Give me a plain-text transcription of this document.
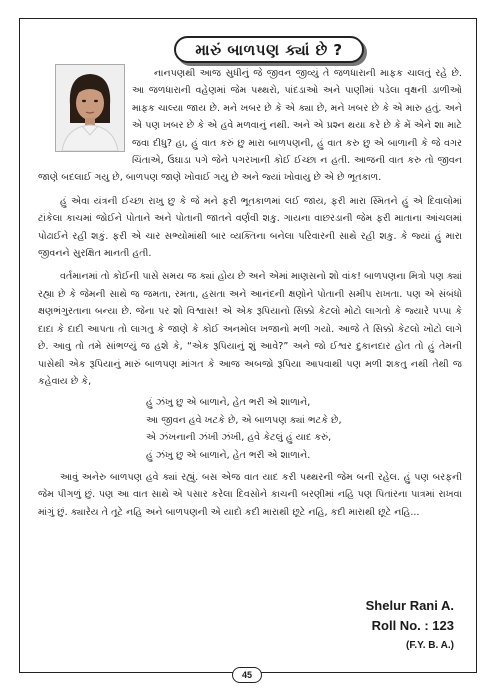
મારું બાળપણ ક્યાં છે ?

નાનપણથી આજ સુધીનું જે જીવન જીવ્યું તે જળધારાની માફક ચાલતું રહે છે. આ જળધારાની વહેણમાં જેમ પથ્થરો, પાંદડાઓ અને પાણીમાં પડેલા વૃક્ષની ડાળીઓ માફક ચાલ્યા જાય છે. મને ખબર છે કે એ ક્યા છે, મને ખબર છે કે એ મારુ હતું. અને એ પણ ખબર છે કે એ હવે મળવાનું નથી. અને એ પ્રશ્ન થયા કરે છે કે મેં એને શા માટે જવા દીધુ? હા, હું વાત કરું છુ મારા બાળપણની, હું વાત કરુ છુ એ બાળાની કે જે વગર ચિંતાએ, ઉઘાડા પગે જેને પગરખાની કોઈ ઈચ્છા ન હતી. આજની વાત કરુ તો જીવન જાણે બદલાઈ ગયુ છે, બાળપણ જાણે ખોવાઈ ગયુ છે અને જ્યાં ખોવાયુ છે એ છે ભૂતકાળ.

હું એવા યંત્રની ઈચ્છા રાખુ છુ કે જે મને ફરી ભૂતકાળમાં લઈ જાય, ફરી મારા સ્મિતને હું એ દિવાલોમાં ટાંકેલા કાચમાં જોઈને પોતાને અને પોતાની જાતને વર્ણવી શકુ. ગાયના વાછરડાની જેમ ફરી માતાના આંચલમાં પોઢાઈને રહી શકું. ફરી એ ચાર સભ્યોમાંથી બાર વ્યક્તિના બનેલા પરિવારની સાથે રહી શકુ. કે જ્યાં હું મારા જીવનને સુરક્ષિત માનતી હતી.

વર્તમાનમાં તો કોઈની પાસે સમય જ ક્યાં હોય છે અને એમાં માણસનો શો વાંક! બાળપણના મિત્રો પણ ક્યાં રહ્યા છે કે જેમની સાથે જ જમતા, રમતા, હસતા અને આનંદની ક્ષણોને પોતાની સમીપ રાખતા. પણ એ સંબંધો ક્ષણભંગુરતાના બન્યા છે. જેના પર શો વિશ્વાસ! એ એક રૂપિયાનો સિક્કો કેટલો મોટો લાગતો કે જ્યારે પપ્પા કે દાદા કે દાદી આપતા તો લાગતુ કે જાણે કે કોઈ અનમોલ ખજાનો મળી ગયો. આજે તે સિક્કો કેટલો ખોટો લાગે છે. આવુ તો તમે સાંભળ્યું જ હશે કે, “એક રૂપિયાનું શું આવે?” અને જો ઈશ્વર દુકાનદાર હોત તો હું તેમની પાસેથી એક રૂપિયાનું મારું બાળપણ માંગત કે આજ અબજો રૂપિયા આપવાથી પણ મળી શકતુ નથી તેથી જ કહેવાય છે કે,

હું ઝંખુ છુ એ બાળાને, હેત ભરી એ શાળાને,
આ જીવન હવે ખટકે છે, એ બાળપણ ક્યાં ભટકે છે,
એ ઝંખનાની ઝંખી ઝંખી, હવે કેટલું હું યાદ કરું,
હું ઝંખુ છુ એ બાળાને, હેત ભરી એ શાળાને.

આવું અનેરુ બાળપણ હવે ક્યાં રહ્યું. બસ એજ વાત યાદ કરી પથ્થરની જેમ બની રહેલ. હું પણ બરફની જેમ પીગળું છું. પણ આ વાત સાથે એ પસાર કરેલા દિવસોને કાચની બરણીમાં નહિ પણ પિતાંરના પાત્રમાં રાખવા માંગું છું. ક્યારેય તે તૂટે નહિ અને બાળપણની એ યાદો કદી મારાથી છૂટે નહિ, કદી મારાથી છૂટે નહિ...

Shelur Rani A.
Roll No. : 123
(F.Y. B. A.)
45
